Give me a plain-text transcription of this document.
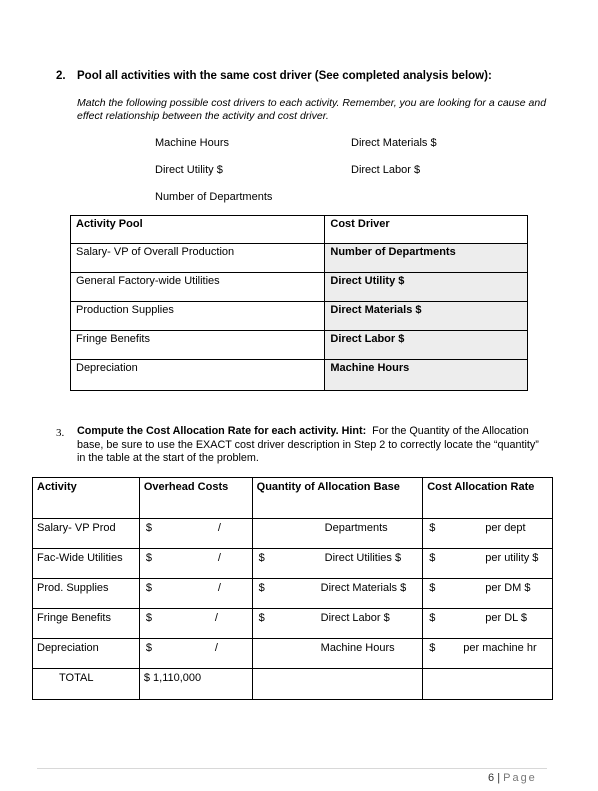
2. Pool all activities with the same cost driver (See completed analysis below):
Match the following possible cost drivers to each activity. Remember, you are looking for a cause and effect relationship between the activity and cost driver.
Machine Hours	Direct Materials $
Direct Utility $	Direct Labor $
Number of Departments
Activity Pool	Cost Driver
Salary- VP of Overall Production	Number of Departments
General Factory-wide Utilities	Direct Utility $
Production Supplies	Direct Materials $
Fringe Benefits	Direct Labor $
Depreciation	Machine Hours
3. Compute the Cost Allocation Rate for each activity. Hint: For the Quantity of the Allocation base, be sure to use the EXACT cost driver description in Step 2 to correctly locate the “quantity” in the table at the start of the problem.
Activity	Overhead Costs	Quantity of Allocation Base	Cost Allocation Rate
Salary- VP Prod	$ /	Departments	$ per dept

Fac-Wide Utilities	$ /	$ Direct Utilities $	$ per utility $

Prod. Supplies	$ /	$ Direct Materials $	$ per DM $

Fringe Benefits	$ /	$ Direct Labor $	$ per DL $

Depreciation	$ /	Machine Hours	$ per machine hr

TOTAL	$ 1,110,000		
6 | Page
